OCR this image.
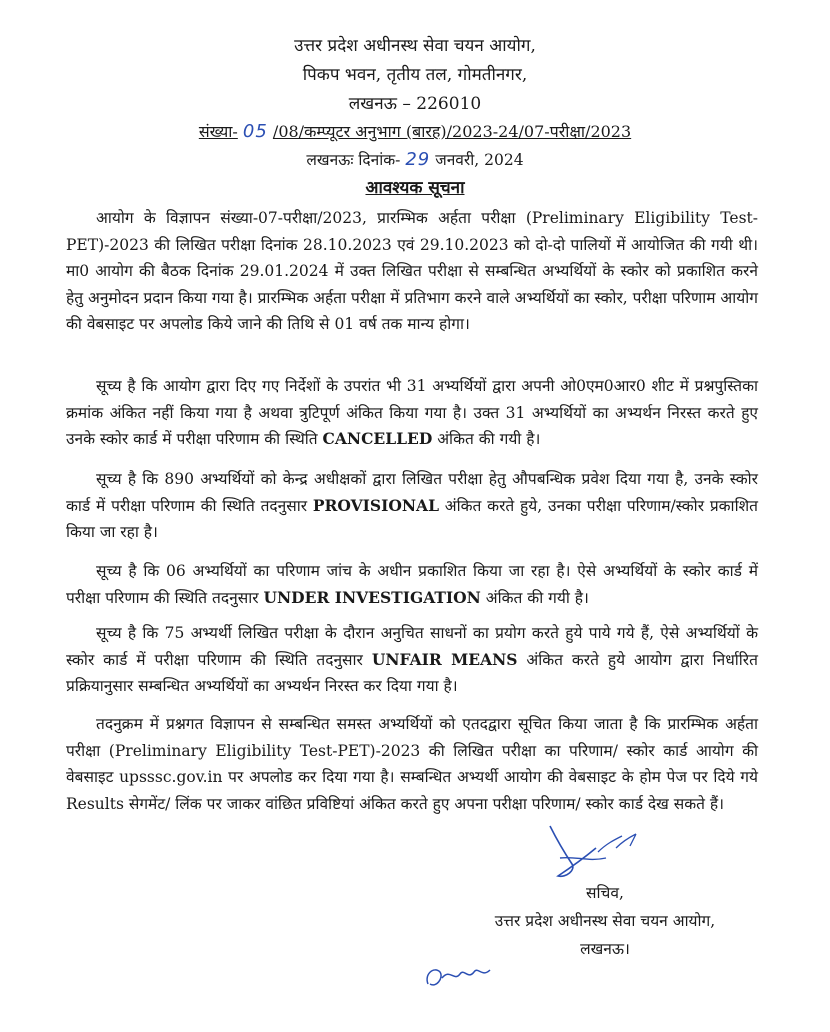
उत्तर प्रदेश अधीनस्थ सेवा चयन आयोग,
पिकप भवन, तृतीय तल, गोमतीनगर,
लखनऊ – 226010
संख्या- 05 /08/कम्प्यूटर अनुभाग (बारह)/2023-24/07-परीक्षा/2023
लखनऊः दिनांक- 29 जनवरी, 2024
आवश्यक सूचना

आयोग के विज्ञापन संख्या-07-परीक्षा/2023, प्रारम्भिक अर्हता परीक्षा (Preliminary Eligibility Test-PET)-2023 की लिखित परीक्षा दिनांक 28.10.2023 एवं 29.10.2023 को दो-दो पालियों में आयोजित की गयी थी। मा0 आयोग की बैठक दिनांक 29.01.2024 में उक्त लिखित परीक्षा से सम्बन्धित अभ्यर्थियों के स्कोर को प्रकाशित करने हेतु अनुमोदन प्रदान किया गया है। प्रारम्भिक अर्हता परीक्षा में प्रतिभाग करने वाले अभ्यर्थियों का स्कोर, परीक्षा परिणाम आयोग की वेबसाइट पर अपलोड किये जाने की तिथि से 01 वर्ष तक मान्य होगा।

सूच्य है कि आयोग द्वारा दिए गए निर्देशों के उपरांत भी 31 अभ्यर्थियों द्वारा अपनी ओ0एम0आर0 शीट में प्रश्नपुस्तिका क्रमांक अंकित नहीं किया गया है अथवा त्रुटिपूर्ण अंकित किया गया है। उक्त 31 अभ्यर्थियों का अभ्यर्थन निरस्त करते हुए उनके स्कोर कार्ड में परीक्षा परिणाम की स्थिति CANCELLED अंकित की गयी है।

सूच्य है कि 890 अभ्यर्थियों को केन्द्र अधीक्षकों द्वारा लिखित परीक्षा हेतु औपबन्धिक प्रवेश दिया गया है, उनके स्कोर कार्ड में परीक्षा परिणाम की स्थिति तदनुसार PROVISIONAL अंकित करते हुये, उनका परीक्षा परिणाम/स्कोर प्रकाशित किया जा रहा है।

सूच्य है कि 06 अभ्यर्थियों का परिणाम जांच के अधीन प्रकाशित किया जा रहा है। ऐसे अभ्यर्थियों के स्कोर कार्ड में परीक्षा परिणाम की स्थिति तदनुसार UNDER INVESTIGATION अंकित की गयी है।

सूच्य है कि 75 अभ्यर्थी लिखित परीक्षा के दौरान अनुचित साधनों का प्रयोग करते हुये पाये गये हैं, ऐसे अभ्यर्थियों के स्कोर कार्ड में परीक्षा परिणाम की स्थिति तदनुसार UNFAIR MEANS अंकित करते हुये आयोग द्वारा निर्धारित प्रक्रियानुसार सम्बन्धित अभ्यर्थियों का अभ्यर्थन निरस्त कर दिया गया है।

तदनुक्रम में प्रश्नगत विज्ञापन से सम्बन्धित समस्त अभ्यर्थियों को एतदद्वारा सूचित किया जाता है कि प्रारम्भिक अर्हता परीक्षा (Preliminary Eligibility Test-PET)-2023 की लिखित परीक्षा का परिणाम/ स्कोर कार्ड आयोग की वेबसाइट upsssc.gov.in पर अपलोड कर दिया गया है। सम्बन्धित अभ्यर्थी आयोग की वेबसाइट के होम पेज पर दिये गये Results सेगमेंट/ लिंक पर जाकर वांछित प्रविष्टियां अंकित करते हुए अपना परीक्षा परिणाम/ स्कोर कार्ड देख सकते हैं।

सचिव,
उत्तर प्रदेश अधीनस्थ सेवा चयन आयोग,
लखनऊ।
